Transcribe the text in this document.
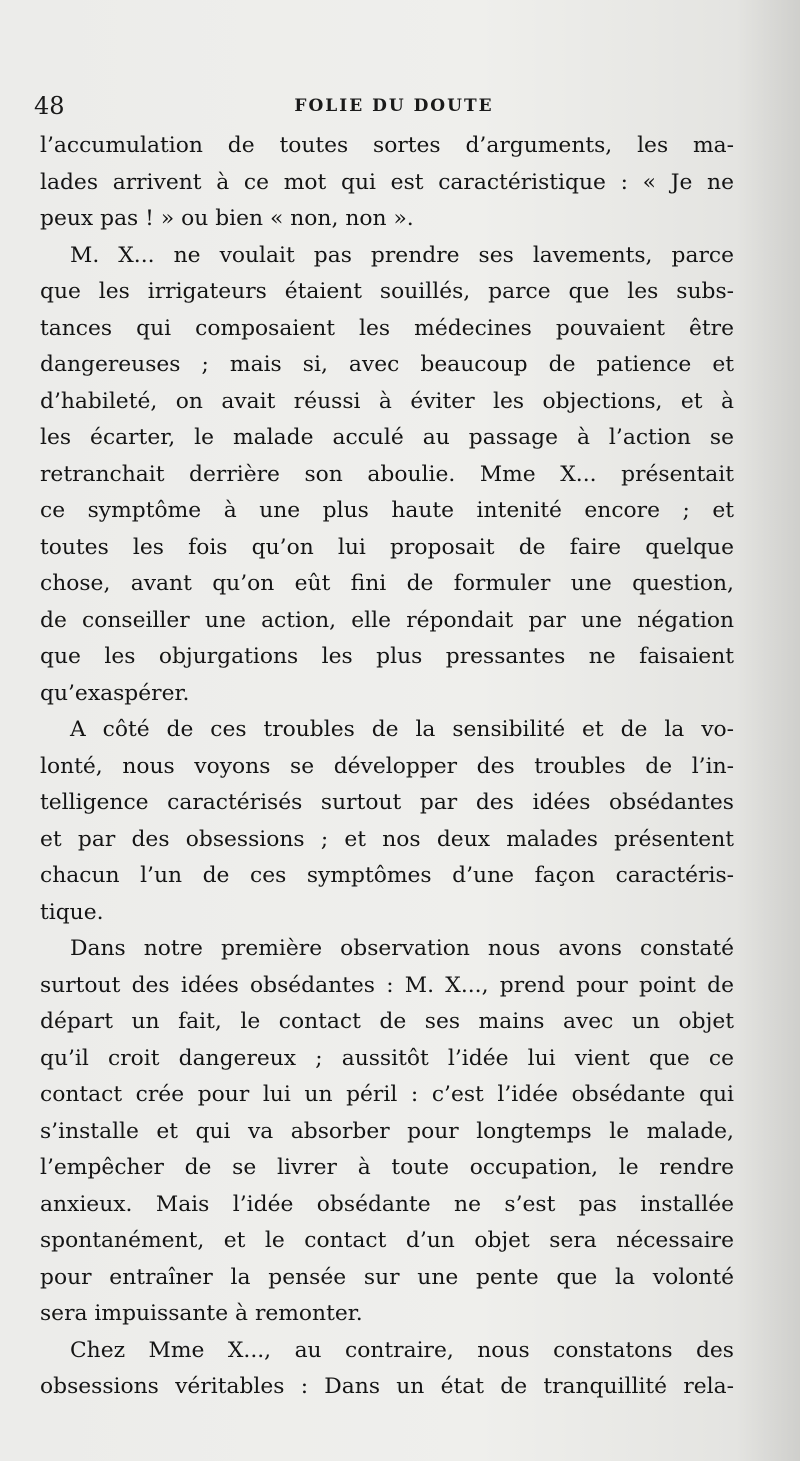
48	FOLIE DU DOUTE
l’accumulation de toutes sortes d’arguments, les ma-
lades arrivent à ce mot qui est caractéristique : « Je ne
peux pas ! » ou bien « non, non ».
M. X... ne voulait pas prendre ses lavements, parce
que les irrigateurs étaient souillés, parce que les subs-
tances qui composaient les médecines pouvaient être
dangereuses ; mais si, avec beaucoup de patience et
d’habileté, on avait réussi à éviter les objections, et à
les écarter, le malade acculé au passage à l’action se
retranchait derrière son aboulie. Mme X... présentait
ce symptôme à une plus haute intenité encore ; et
toutes les fois qu’on lui proposait de faire quelque
chose, avant qu’on eût fini de formuler une question,
de conseiller une action, elle répondait par une négation
que les objurgations les plus pressantes ne faisaient
qu’exaspérer.
A côté de ces troubles de la sensibilité et de la vo-
lonté, nous voyons se développer des troubles de l’in-
telligence caractérisés surtout par des idées obsédantes
et par des obsessions ; et nos deux malades présentent
chacun l’un de ces symptômes d’une façon caractéris-
tique.
Dans notre première observation nous avons constaté
surtout des idées obsédantes : M. X..., prend pour point de
départ un fait, le contact de ses mains avec un objet
qu’il croit dangereux ; aussitôt l’idée lui vient que ce
contact crée pour lui un péril : c’est l’idée obsédante qui
s’installe et qui va absorber pour longtemps le malade,
l’empêcher de se livrer à toute occupation, le rendre
anxieux. Mais l’idée obsédante ne s’est pas installée
spontanément, et le contact d’un objet sera nécessaire
pour entraîner la pensée sur une pente que la volonté
sera impuissante à remonter.
Chez Mme X..., au contraire, nous constatons des
obsessions véritables : Dans un état de tranquillité rela-
